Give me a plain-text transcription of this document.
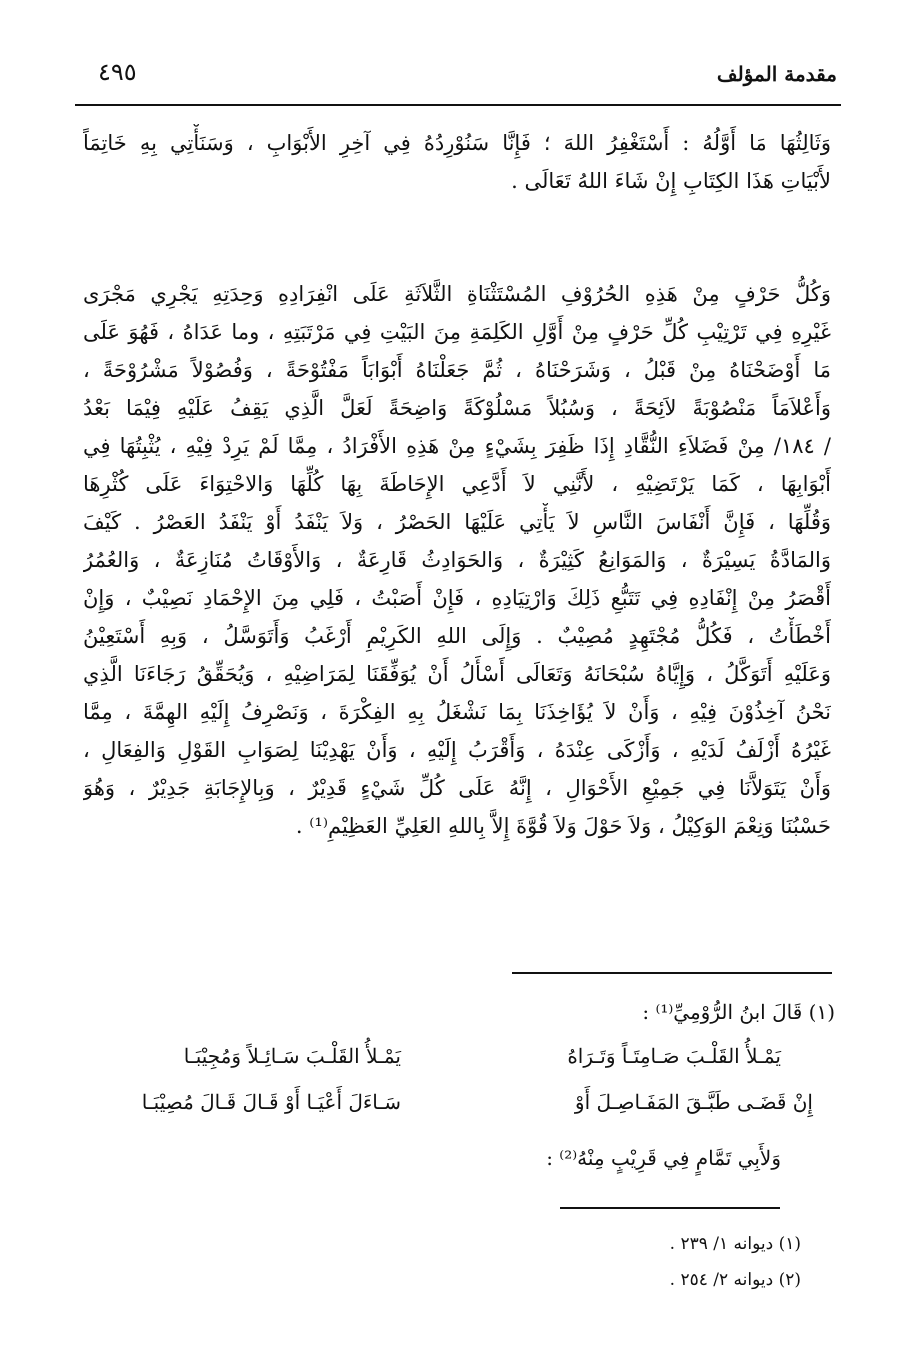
مقدمة المؤلف
٤٩٥
وَثَالِثُهَا مَا أَوَّلُهُ : أَسْتَغْفِرُ اللهَ ؛ فَإِنَّا سَنُوْرِدُهُ فِي آخِرِ الأَبْوَابِ ، وَسَنَأْتِي بِهِ خَاتِمَاً
لأَبْيَاتِ هَذَا الكِتَابِ إِنْ شَاءَ اللهُ تَعَالَى .
وَكُلُّ حَرْفٍ مِنْ هَذِهِ الحُرُوْفِ المُسْتَثْنَاةِ الثَّلاَثَةِ عَلَى انْفِرَادِهِ وَحِدَتِهِ يَجْرِي مَجْرَى
غَيْرِهِ فِي تَرْتِيْبِ كُلِّ حَرْفٍ مِنْ أَوَّلِ الكَلِمَةِ مِنَ البَيْتِ فِي مَرْتَبَتِهِ ، وما عَدَاهُ ، فَهُوَ عَلَى
مَا أَوْضَحْنَاهُ مِنْ قَبْلُ ، وَشَرَحْنَاهُ ، ثُمَّ جَعَلْنَاهُ أَبْوَابَاً مَفْتُوْحَةً ، وَفُصُوْلاً مَشْرُوْحَةً ،
وَأَعْلاَمَاً مَنْصُوْبَةً لاَئِحَةً ، وَسُبُلاً مَسْلُوْكَةً وَاضِحَةً لَعَلَّ الَّذِي يَقِفُ عَلَيْهِ فِيْمَا بَعْدُ
/ ١٨٤/ مِنْ فَضَلاَءِ النُّقَّادِ إِذَا ظَفِرَ بِشَيْءٍ مِنْ هَذِهِ الأَفْرَادُ ، مِمَّا لَمْ يَرِدْ فِيْهِ ، يُثْبِتُهَا فِي
أَبْوَابِهَا ، كَمَا يَرْتَضِيْهِ ، لأَنَّنِي لاَ أَدَّعِي الإِحَاطَةَ بِهَا كُلِّهَا وَالاحْتِوَاءَ عَلَى كُثْرِهَا
وَقُلِّهَا ، فَإِنَّ أَنْفَاسَ النَّاسِ لاَ يَأْتِي عَلَيْهَا الحَصْرُ ، وَلاَ يَنْفَدُ أَوْ يَنْفَدُ العَصْرُ . كَيْفَ
وَالمَادَّةُ يَسِيْرَةٌ ، وَالمَوَانِعُ كَثِيْرَةٌ ، وَالحَوَادِثُ قَارِعَةٌ ، وَالأَوْقَاتُ مُنَازِعَةٌ ، وَالعُمُرُ
أَقْصَرُ مِنْ إِنْفَادِهِ فِي تَتَبُّعِ ذَلِكَ وَارْتِيَادِهِ ، فَإِنْ أَصَبْتُ ، فَلِي مِنَ الإِحْمَادِ نَصِيْبٌ ، وَإِنْ
أَخْطَأْتُ ، فَكُلُّ مُجْتَهِدٍ مُصِيْبٌ . وَإِلَى اللهِ الكَرِيْمِ أَرْغَبُ وَأَتَوَسَّلُ ، وَبِهِ أَسْتَعِيْنُ
وَعَلَيْهِ أَتَوَكَّلُ ، وَإِيَّاهُ سُبْحَانَهُ وَتَعَالَى أَسْأَلُ أَنْ يُوَفِّقَنَا لِمَرَاضِيْهِ ، وَيُحَقِّقُ رَجَاءَنَا الَّذِي
نَحْنُ آخِذُوْنَ فِيْهِ ، وَأَنْ لاَ يُؤَاخِذَنَا بِمَا نَشْغَلُ بِهِ الفِكْرَةَ ، وَنَصْرِفُ إِلَيْهِ الهِمَّةَ ، مِمَّا
غَيْرُهُ أَزْلَفُ لَدَيْهِ ، وَأَزْكَى عِنْدَهُ ، وَأَقْرَبُ إِلَيْهِ ، وَأَنْ يَهْدِيْنَا لِصَوَابِ القَوْلِ وَالفِعَالِ ،
وَأَنْ يَتَوَلاَّنَا فِي جَمِيْعِ الأَحْوَالِ ، إِنَّهُ عَلَى كُلِّ شَيْءٍ قَدِيْرٌ ، وَبِالإِجَابَةِ جَدِيْرٌ ، وَهُوَ
حَسْبُنَا وَنِعْمَ الوَكِيْلُ ، وَلاَ حَوْلَ وَلاَ قُوَّةَ إِلاَّ بِاللهِ العَلِيِّ العَظِيْمِ⁽¹⁾ .
(١) قَالَ ابنُ الرُّوْمِيِّ⁽¹⁾ :
يَمْـلأُ القَلْـبَ صَـامِتَـاً وَتَـرَاهُ
يَمْـلأُ القَلْـبَ سَـائِـلاً وَمُجِيْبَـا
إِنْ قَضَـى طَبَّـقَ المَفَـاصِـلَ أَوْ
سَـاءَلَ أَعْيَـا أَوْ قَـالَ قَـالَ مُصِيْبَـا
وَلأَبِي تَمَّامٍ فِي قَرِيْبٍ مِنْهُ⁽²⁾ :
(١) ديوانه ١/ ٢٣٩ .
(٢) ديوانه ٢/ ٢٥٤ .
